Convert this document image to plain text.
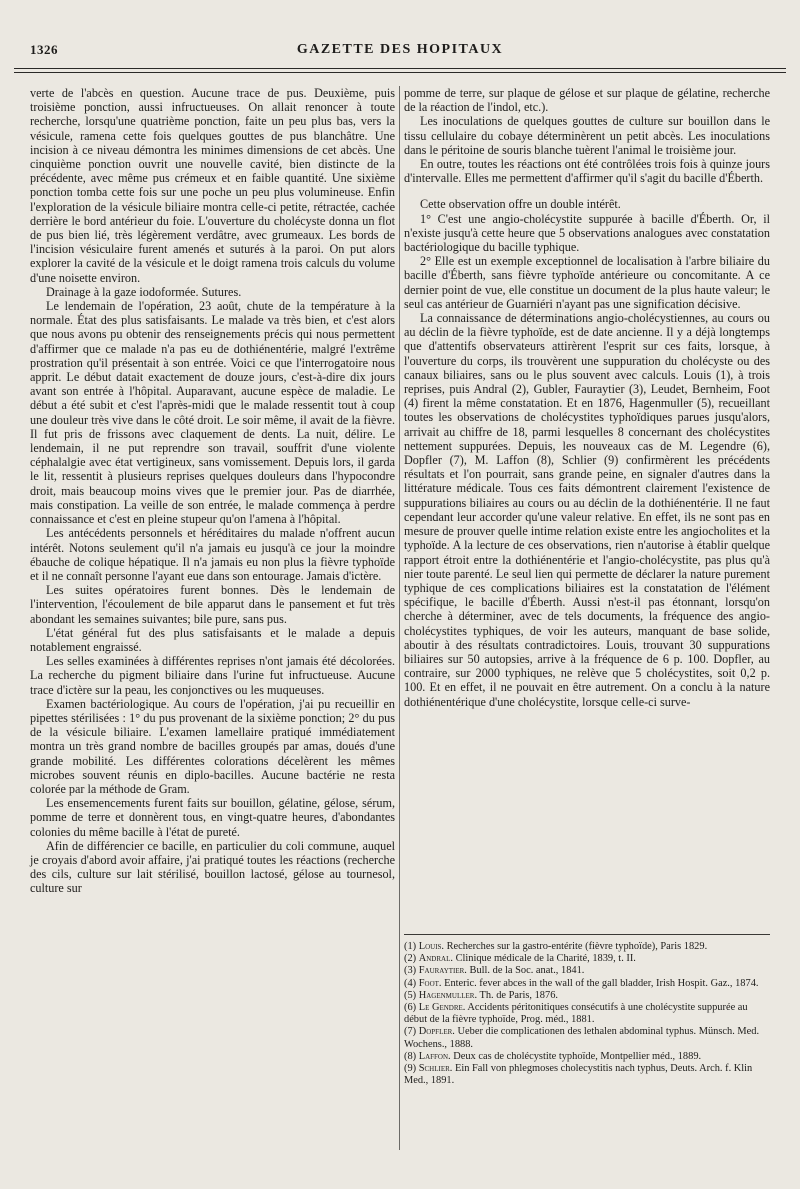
1326	GAZETTE DES HOPITAUX

verte de l'abcès en question. Aucune trace de pus. Deuxième, puis troisième ponction, aussi infructueuses. On allait renoncer à toute recherche, lorsqu'une quatrième ponction, faite un peu plus bas, vers la vésicule, ramena cette fois quelques gouttes de pus blanchâtre. Une incision à ce niveau démontra les minimes dimensions de cet abcès. Une cinquième ponction ouvrit une nouvelle cavité, bien distincte de la précédente, avec même pus crémeux et en faible quantité. Une sixième ponction tomba cette fois sur une poche un peu plus volumineuse. Enfin l'exploration de la vésicule biliaire montra celle-ci petite, rétractée, cachée derrière le bord antérieur du foie. L'ouverture du cholécyste donna un flot de pus bien lié, très légèrement verdâtre, avec grumeaux. Les bords de l'incision vésiculaire furent amenés et suturés à la paroi. On put alors explorer la cavité de la vésicule et le doigt ramena trois calculs du volume d'une noisette environ.

Drainage à la gaze iodoformée. Sutures.

Le lendemain de l'opération, 23 août, chute de la température à la normale. État des plus satisfaisants. Le malade va très bien, et c'est alors que nous avons pu obtenir des renseignements précis qui nous permettent d'affirmer que ce malade n'a pas eu de dothiénentérie, malgré l'extrême prostration qu'il présentait à son entrée. Voici ce que l'interrogatoire nous apprit. Le début datait exactement de douze jours, c'est-à-dire dix jours avant son entrée à l'hôpital. Auparavant, aucune espèce de maladie. Le début a été subit et c'est l'après-midi que le malade ressentit tout à coup une douleur très vive dans le côté droit. Le soir même, il avait de la fièvre. Il fut pris de frissons avec claquement de dents. La nuit, délire. Le lendemain, il ne put reprendre son travail, souffrit d'une violente céphalalgie avec état vertigineux, sans vomissement. Depuis lors, il garda le lit, ressentit à plusieurs reprises quelques douleurs dans l'hypocondre droit, mais beaucoup moins vives que le premier jour. Pas de diarrhée, mais constipation. La veille de son entrée, le malade commença à perdre connaissance et c'est en pleine stupeur qu'on l'amena à l'hôpital.

Les antécédents personnels et héréditaires du malade n'offrent aucun intérêt. Notons seulement qu'il n'a jamais eu jusqu'à ce jour la moindre ébauche de colique hépatique. Il n'a jamais eu non plus la fièvre typhoïde et il ne connaît personne l'ayant eue dans son entourage. Jamais d'ictère.

Les suites opératoires furent bonnes. Dès le lendemain de l'intervention, l'écoulement de bile apparut dans le pansement et fut très abondant les semaines suivantes; bile pure, sans pus.

L'état général fut des plus satisfaisants et le malade a depuis notablement engraissé.

Les selles examinées à différentes reprises n'ont jamais été décolorées. La recherche du pigment biliaire dans l'urine fut infructueuse. Aucune trace d'ictère sur la peau, les conjonctives ou les muqueuses.

Examen bactériologique. Au cours de l'opération, j'ai pu recueillir en pipettes stérilisées : 1° du pus provenant de la sixième ponction; 2° du pus de la vésicule biliaire. L'examen lamellaire pratiqué immédiatement montra un très grand nombre de bacilles groupés par amas, doués d'une grande mobilité. Les différentes colorations décelèrent les mêmes microbes souvent réunis en diplo-bacilles. Aucune bactérie ne resta colorée par la méthode de Gram.

Les ensemencements furent faits sur bouillon, gélatine, gélose, sérum, pomme de terre et donnèrent tous, en vingt-quatre heures, d'abondantes colonies du même bacille à l'état de pureté.

Afin de différencier ce bacille, en particulier du coli commune, auquel je croyais d'abord avoir affaire, j'ai pratiqué toutes les réactions (recherche des cils, culture sur lait stérilisé, bouillon lactosé, gélose au tournesol, culture sur

pomme de terre, sur plaque de gélose et sur plaque de gélatine, recherche de la réaction de l'indol, etc.).

Les inoculations de quelques gouttes de culture sur bouillon dans le tissu cellulaire du cobaye déterminèrent un petit abcès. Les inoculations dans le péritoine de souris blanche tuèrent l'animal le troisième jour.

En outre, toutes les réactions ont été contrôlées trois fois à quinze jours d'intervalle. Elles me permettent d'affirmer qu'il s'agit du bacille d'Éberth.

Cette observation offre un double intérêt.

1° C'est une angio-cholécystite suppurée à bacille d'Éberth. Or, il n'existe jusqu'à cette heure que 5 observations analogues avec constatation bactériologique du bacille typhique.

2° Elle est un exemple exceptionnel de localisation à l'arbre biliaire du bacille d'Éberth, sans fièvre typhoïde antérieure ou concomitante. A ce dernier point de vue, elle constitue un document de la plus haute valeur; le seul cas antérieur de Guarniéri n'ayant pas une signification décisive.

La connaissance de déterminations angio-cholécystiennes, au cours ou au déclin de la fièvre typhoïde, est de date ancienne. Il y a déjà longtemps que d'attentifs observateurs attirèrent l'esprit sur ces faits, lorsque, à l'ouverture du corps, ils trouvèrent une suppuration du cholécyste ou des canaux biliaires, sans ou le plus souvent avec calculs. Louis (1), à trois reprises, puis Andral (2), Gubler, Fauraytier (3), Leudet, Bernheim, Foot (4) firent la même constatation. Et en 1876, Hagenmuller (5), recueillant toutes les observations de cholécystites typhoïdiques parues jusqu'alors, arrivait au chiffre de 18, parmi lesquelles 8 concernant des cholécystites nettement suppurées. Depuis, les nouveaux cas de M. Legendre (6), Dopfler (7), M. Laffon (8), Schlier (9) confirmèrent les précédents résultats et l'on pourrait, sans grande peine, en signaler d'autres dans la littérature médicale. Tous ces faits démontrent clairement l'existence de suppurations biliaires au cours ou au déclin de la dothiénentérie. Il ne faut cependant leur accorder qu'une valeur relative. En effet, ils ne sont pas en mesure de prouver quelle intime relation existe entre les angiocholites et la typhoïde. A la lecture de ces observations, rien n'autorise à établir quelque rapport étroit entre la dothiénentérie et l'angio-cholécystite, pas plus qu'à nier toute parenté. Le seul lien qui permette de déclarer la nature purement typhique de ces complications biliaires est la constatation de l'élément spécifique, le bacille d'Éberth. Aussi n'est-il pas étonnant, lorsqu'on cherche à déterminer, avec de tels documents, la fréquence des angio-cholécystites typhiques, de voir les auteurs, manquant de base solide, aboutir à des résultats contradictoires. Louis, trouvant 30 suppurations biliaires sur 50 autopsies, arrive à la fréquence de 6 p. 100. Dopfler, au contraire, sur 2000 typhiques, ne relève que 5 cholécystites, soit 0,2 p. 100. Et en effet, il ne pouvait en être autrement. On a conclu à la nature dothiénentérique d'une cholécystite, lorsque celle-ci surve-

(1) Louis. Recherches sur la gastro-entérite (fièvre typhoïde), Paris 1829.

(2) Andral. Clinique médicale de la Charité, 1839, t. II.

(3) Fauraytier. Bull. de la Soc. anat., 1841.

(4) Foot. Enteric. fever abces in the wall of the gall bladder, Irish Hospit. Gaz., 1874.

(5) Hagenmuller. Th. de Paris, 1876.

(6) Le Gendre. Accidents péritonitiques consécutifs à une cholécystite suppurée au début de la fièvre typhoïde, Prog. méd., 1881.

(7) Dopfler. Ueber die complicationen des lethalen abdominal typhus. Münsch. Med. Wochens., 1888.

(8) Laffon. Deux cas de cholécystite typhoïde, Montpellier méd., 1889.

(9) Schlier. Ein Fall von phlegmoses cholecystitis nach typhus, Deuts. Arch. f. Klin Med., 1891.
